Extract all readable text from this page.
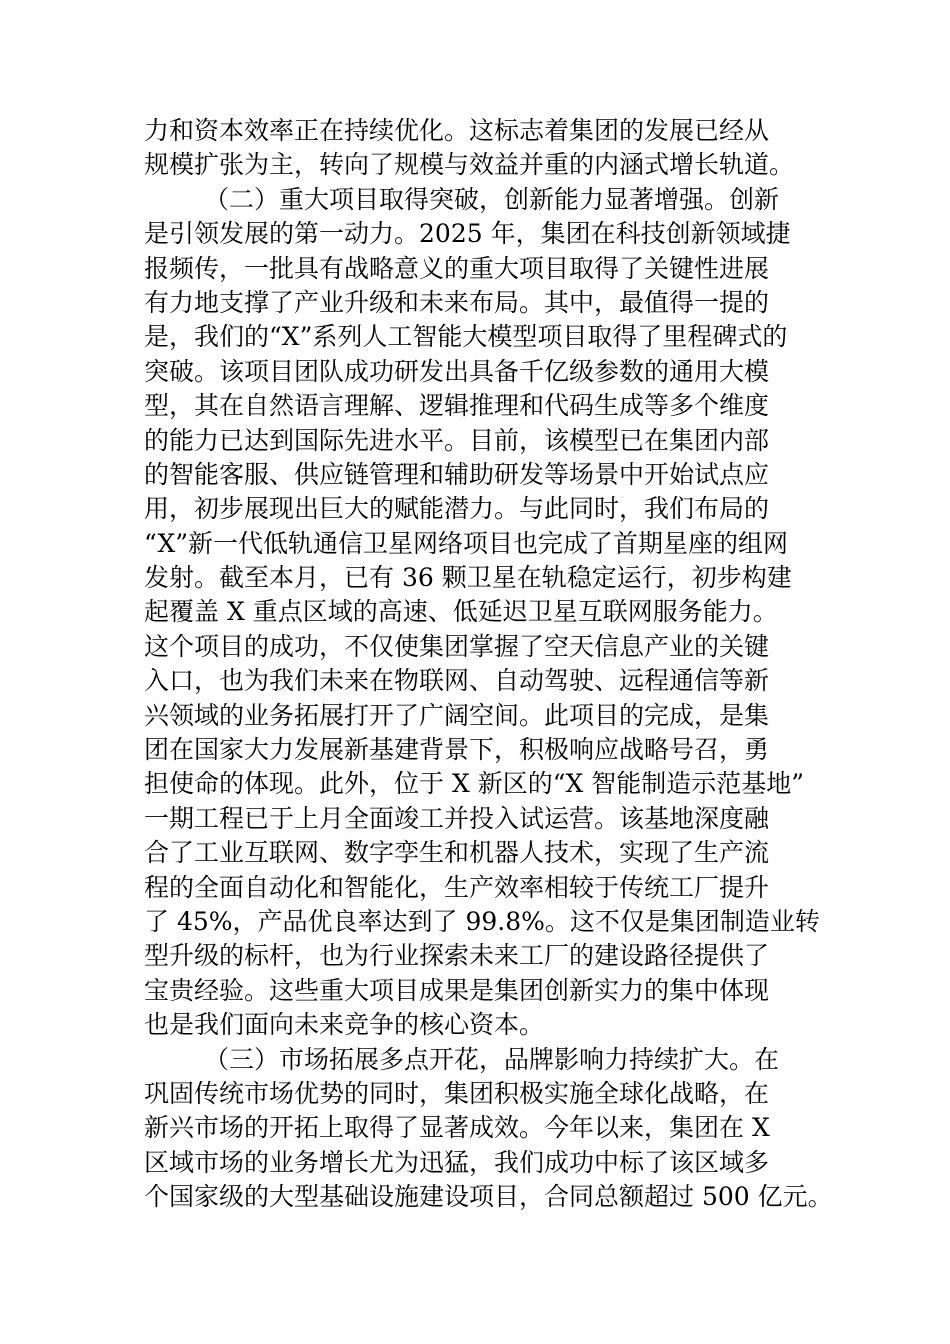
力和资本效率正在持续优化。这标志着集团的发展已经从
规模扩张为主，转向了规模与效益并重的内涵式增长轨道。
（二）重大项目取得突破，创新能力显著增强。创新
是引领发展的第一动力。2025 年，集团在科技创新领域捷
报频传，一批具有战略意义的重大项目取得了关键性进展
有力地支撑了产业升级和未来布局。其中，最值得一提的
是，我们的“X”系列人工智能大模型项目取得了里程碑式的
突破。该项目团队成功研发出具备千亿级参数的通用大模
型，其在自然语言理解、逻辑推理和代码生成等多个维度
的能力已达到国际先进水平。目前，该模型已在集团内部
的智能客服、供应链管理和辅助研发等场景中开始试点应
用，初步展现出巨大的赋能潜力。与此同时，我们布局的
“X”新一代低轨通信卫星网络项目也完成了首期星座的组网
发射。截至本月，已有 36 颗卫星在轨稳定运行，初步构建
起覆盖 X 重点区域的高速、低延迟卫星互联网服务能力。
这个项目的成功，不仅使集团掌握了空天信息产业的关键
入口，也为我们未来在物联网、自动驾驶、远程通信等新
兴领域的业务拓展打开了广阔空间。此项目的完成，是集
团在国家大力发展新基建背景下，积极响应战略号召，勇
担使命的体现。此外，位于 X 新区的“X 智能制造示范基地”
一期工程已于上月全面竣工并投入试运营。该基地深度融
合了工业互联网、数字孪生和机器人技术，实现了生产流
程的全面自动化和智能化，生产效率相较于传统工厂提升
了 45%，产品优良率达到了 99.8%。这不仅是集团制造业转
型升级的标杆，也为行业探索未来工厂的建设路径提供了
宝贵经验。这些重大项目成果是集团创新实力的集中体现
也是我们面向未来竞争的核心资本。
（三）市场拓展多点开花，品牌影响力持续扩大。在
巩固传统市场优势的同时，集团积极实施全球化战略，在
新兴市场的开拓上取得了显著成效。今年以来，集团在 X
区域市场的业务增长尤为迅猛，我们成功中标了该区域多
个国家级的大型基础设施建设项目，合同总额超过 500 亿元。
